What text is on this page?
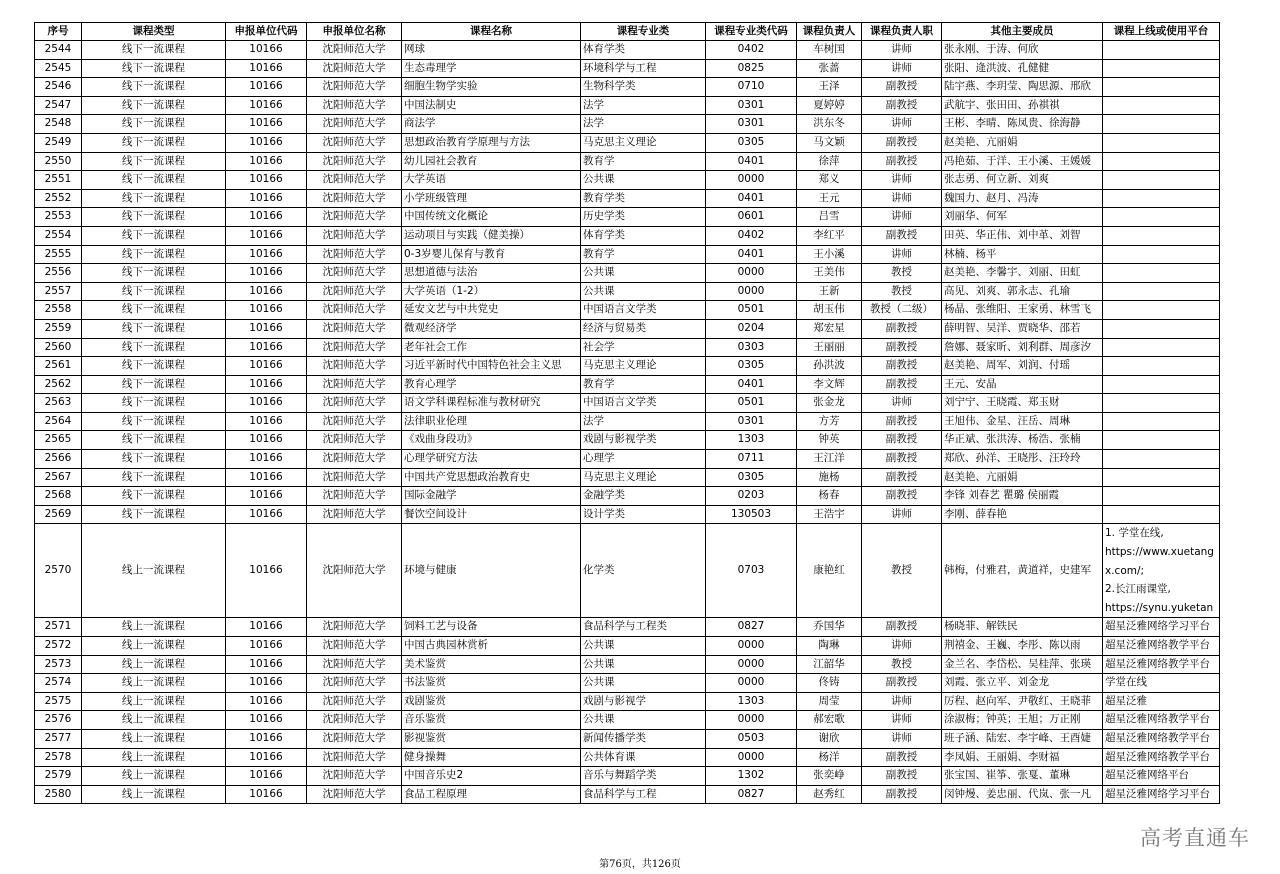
序号	课程类型	申报单位代码	申报单位名称	课程名称	课程专业类	课程专业类代码	课程负责人	课程负责人职	其他主要成员	课程上线或使用平台
2544	线下一流课程	10166	沈阳师范大学	网球	体育学类	0402	车树国	讲师	张永刚、于涛、何欣	
2545	线下一流课程	10166	沈阳师范大学	生态毒理学	环境科学与工程	0825	张蔷	讲师	张阳、逄洪波、孔健健	
2546	线下一流课程	10166	沈阳师范大学	细胞生物学实验	生物科学类	0710	王泽	副教授	陆宇燕、李玥莹、陶思源、邢欣	
2547	线下一流课程	10166	沈阳师范大学	中国法制史	法学	0301	夏婷婷	副教授	武航宇、张田田、孙祺祺	
2548	线下一流课程	10166	沈阳师范大学	商法学	法学	0301	洪东冬	讲师	王彬、李晴、陈凤贵、徐海静	
2549	线下一流课程	10166	沈阳师范大学	思想政治教育学原理与方法	马克思主义理论	0305	马文颖	副教授	赵美艳、亢丽娟	
2550	线下一流课程	10166	沈阳师范大学	幼儿园社会教育	教育学	0401	徐萍	副教授	冯艳茹、于洋、王小溪、王媛媛	
2551	线下一流课程	10166	沈阳师范大学	大学英语	公共课	0000	郑义	讲师	张志勇、何立新、刘爽	
2552	线下一流课程	10166	沈阳师范大学	小学班级管理	教育学类	0401	王元	讲师	魏国力、赵月、冯涛	
2553	线下一流课程	10166	沈阳师范大学	中国传统文化概论	历史学类	0601	吕雪	讲师	刘丽华、何军	
2554	线下一流课程	10166	沈阳师范大学	运动项目与实践（健美操）	体育学类	0402	李红平	副教授	田英、华正伟、刘中革、刘智	
2555	线下一流课程	10166	沈阳师范大学	0-3岁婴儿保育与教育	教育学	0401	王小溪	讲师	林楠、杨平	
2556	线下一流课程	10166	沈阳师范大学	思想道德与法治	公共课	0000	王美伟	教授	赵美艳、李馨宇、刘丽、田虹	
2557	线下一流课程	10166	沈阳师范大学	大学英语（1-2）	公共课	0000	王新	教授	高见、刘爽、郭永志、孔瑜	
2558	线下一流课程	10166	沈阳师范大学	延安文艺与中共党史	中国语言文学类	0501	胡玉伟	教授（二级）	杨晶、张维阳、王家勇、林雪飞	
2559	线下一流课程	10166	沈阳师范大学	微观经济学	经济与贸易类	0204	郑宏星	副教授	薛明智、吴洋、贾晓华、邵若	
2560	线下一流课程	10166	沈阳师范大学	老年社会工作	社会学	0303	王丽丽	副教授	詹娜、聂家昕、刘利群、周彦汐	
2561	线下一流课程	10166	沈阳师范大学	习近平新时代中国特色社会主义思	马克思主义理论	0305	孙洪波	副教授	赵美艳、周军、刘润、付瑶	
2562	线下一流课程	10166	沈阳师范大学	教育心理学	教育学	0401	李文辉	副教授	王元、安晶	
2563	线下一流课程	10166	沈阳师范大学	语文学科课程标准与教材研究	中国语言文学类	0501	张金龙	讲师	刘宁宁、王晓霞、郑玉财	
2564	线下一流课程	10166	沈阳师范大学	法律职业伦理	法学	0301	方芳	副教授	王旭伟、金星、汪岳、周琳	
2565	线下一流课程	10166	沈阳师范大学	《戏曲身段功》	戏剧与影视学类	1303	钟英	副教授	华正斌、张洪涛、杨浩、张楠	
2566	线下一流课程	10166	沈阳师范大学	心理学研究方法	心理学	0711	王江洋	副教授	郑欣、孙洋、王晓彤、汪玲玲	
2567	线下一流课程	10166	沈阳师范大学	中国共产党思想政治教育史	马克思主义理论	0305	施杨	副教授	赵美艳、亢丽娟	
2568	线下一流课程	10166	沈阳师范大学	国际金融学	金融学类	0203	杨春	副教授	李锋 刘春艺 瞿璐 侯丽霞	
2569	线下一流课程	10166	沈阳师范大学	餐饮空间设计	设计学类	130503	王浩宇	讲师	李刚、薛春艳	
2570	线上一流课程	10166	沈阳师范大学	环境与健康	化学类	0703	康艳红	教授	韩梅，付雅君，黄道祥，史建军	1. 学堂在线,
https://www.xuetang
x.com/;
2.长江雨课堂,
https://synu.yuketan

2571	线上一流课程	10166	沈阳师范大学	饲料工艺与设备	食品科学与工程类	0827	乔国华	副教授	杨晓菲、解铁民	超星泛雅网络学习平台
2572	线上一流课程	10166	沈阳师范大学	中国古典园林赏析	公共课	0000	陶琳	讲师	荆禧金、王巍、李彤、陈以雨	超星泛雅网络教学平台
2573	线上一流课程	10166	沈阳师范大学	美术鉴赏	公共课	0000	江韶华	教授	金兰名、李岱松、吴桂萍、张瑛	超星泛雅网络教学平台
2574	线上一流课程	10166	沈阳师范大学	书法鉴赏	公共课	0000	佟铸	副教授	刘霞、张立平、刘金龙	学堂在线
2575	线上一流课程	10166	沈阳师范大学	戏剧鉴赏	戏剧与影视学	1303	周莹	讲师	厉程、赵向军、尹敬红、王晓菲	超星泛雅
2576	线上一流课程	10166	沈阳师范大学	音乐鉴赏	公共课	0000	郝宏歌	讲师	涂淑梅；钟英；王旭；万正刚	超星泛雅网络教学平台
2577	线上一流课程	10166	沈阳师范大学	影视鉴赏	新闻传播学类	0503	谢欣	讲师	班子涵、陆宏、李宇峰、王酉婕	超星泛雅网络教学平台
2578	线上一流课程	10166	沈阳师范大学	健身操舞	公共体育课	0000	杨洋	副教授	李凤娟、王丽娟、李财福	超星泛雅网络教学平台
2579	线上一流课程	10166	沈阳师范大学	中国音乐史2	音乐与舞蹈学类	1302	张奕峥	副教授	张宝国、崔筝、张戛、董琳	超星泛雅网络平台
2580	线上一流课程	10166	沈阳师范大学	食品工程原理	食品科学与工程	0827	赵秀红	副教授	闵钟熳、姜忠丽、代岚、张一凡	超星泛雅网络学习平台
第76页，共126页
高考直通车
